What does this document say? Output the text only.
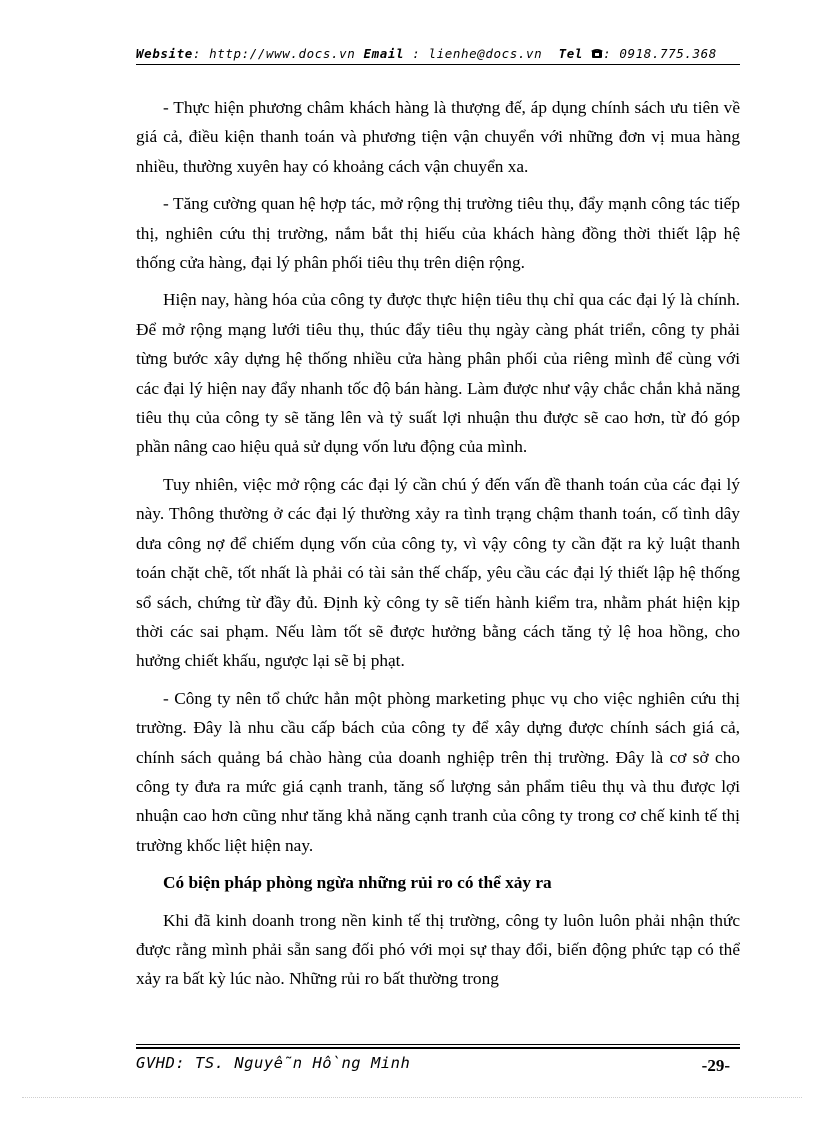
Website: http://www.docs.vn Email : lienhe@docs.vn  Tel : 0918.775.368

- Thực hiện phương châm khách hàng là thượng đế, áp dụng chính sách ưu tiên về giá cả, điều kiện thanh toán và phương tiện vận chuyển với những đơn vị mua hàng nhiều, thường xuyên hay có khoảng cách vận chuyển xa.

- Tăng cường quan hệ hợp tác, mở rộng thị trường tiêu thụ, đẩy mạnh công tác tiếp thị, nghiên cứu thị trường, nắm bắt thị hiếu của khách hàng đồng thời thiết lập hệ thống cửa hàng, đại lý phân phối tiêu thụ trên diện rộng.

Hiện nay, hàng hóa của công ty được thực hiện tiêu thụ chỉ qua các đại lý là chính. Để mở rộng mạng lưới tiêu thụ, thúc đẩy tiêu thụ ngày càng phát triển, công ty phải từng bước xây dựng hệ thống nhiều cửa hàng phân phối của riêng mình để cùng với các đại lý hiện nay đẩy nhanh tốc độ bán hàng. Làm được như vậy chắc chắn khả năng tiêu thụ của công ty sẽ tăng lên và tỷ suất lợi nhuận thu được sẽ cao hơn, từ đó góp phần nâng cao hiệu quả sử dụng vốn lưu động của mình.

Tuy nhiên, việc mở rộng các đại lý cần chú ý đến vấn đề thanh toán của các đại lý này. Thông thường ở các đại lý thường xảy ra tình trạng chậm thanh toán, cố tình dây dưa công nợ để chiếm dụng vốn của công ty, vì vậy công ty cần đặt ra kỷ luật thanh toán chặt chẽ, tốt nhất là phải có tài sản thế chấp, yêu cầu các đại lý thiết lập hệ thống sổ sách, chứng từ đầy đủ. Định kỳ công ty sẽ tiến hành kiểm tra, nhằm phát hiện kịp thời các sai phạm. Nếu làm tốt sẽ được hưởng bằng cách tăng tỷ lệ hoa hồng, cho hưởng chiết khấu, ngược lại sẽ bị phạt.

- Công ty nên tổ chức hẳn một phòng marketing phục vụ cho việc nghiên cứu thị trường. Đây là nhu cầu cấp bách của công ty để xây dựng được chính sách giá cả, chính sách quảng bá chào hàng của doanh nghiệp trên thị trường. Đây là cơ sở cho công ty đưa ra mức giá cạnh tranh, tăng số lượng sản phẩm tiêu thụ và thu được lợi nhuận cao hơn cũng như tăng khả năng cạnh tranh của công ty trong cơ chế kinh tế thị trường khốc liệt hiện nay.

Có biện pháp phòng ngừa những rủi ro có thể xảy ra

Khi đã kinh doanh trong nền kinh tế thị trường, công ty luôn luôn phải nhận thức được rằng mình phải sẵn sang đối phó với mọi sự thay đổi, biến động phức tạp có thể xảy ra bất kỳ lúc nào. Những rủi ro bất thường trong

GVHD: TS. Nguyễn Hồng Minh	-29-
